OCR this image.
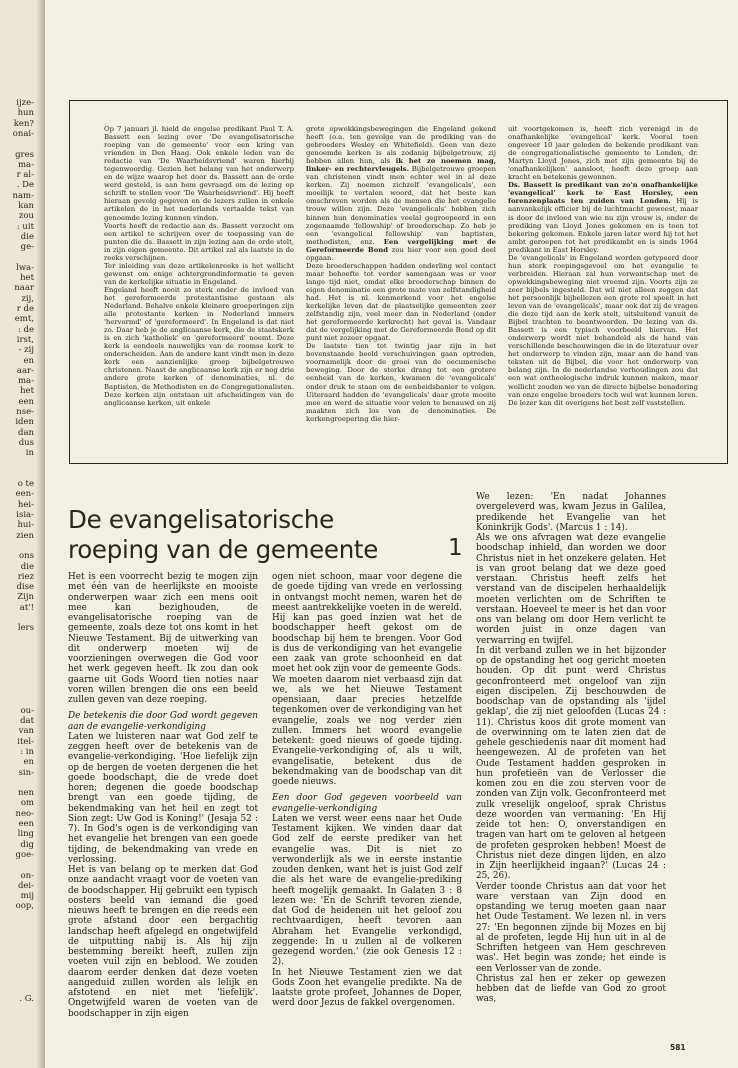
ijze-
hun
ken?
onai-
gres
ma-
r al-
. De
nam-
kan
zou
: uit
die
ge-
lwa-
het
naar
zij,
r de
emt,
: de
irst,
- zij
en
aar-
ma-
het
een
nse-
iden
dan
dus
in
o te
een-
hei-
isia-
hui-
zien
ons
die
riez
dise
Zijn
at'!
lers
ou-
dat
van
itel-
: in
en
sin-
nen
om
neo-
een
ling
dig
goe-
on-
dei-
mij
oop,
. G.

Op 7 januari jl. hield de engelse predikant Paul T. A. Bassett een lezing over 'De evangelisatorische roeping van de gemeente' voor een kring van vrienden in Den Haag. Ook enkele leden van de redactie van 'De Waarheidsvriend' waren hierbij tegenwoordig. Gezien het belang van het onderwerp en de wijze waarop het door ds. Bassett aan de orde werd gesteld, is aan hem gevraagd om de lezing op schrift te stellen voor 'De Waarheidsvriend'. Hij heeft hieraan gevolg gegeven en de lezers zullen in enkele artikelen de in het nederlands vertaalde tekst van genoemde lezing kunnen vinden.

Voorts heeft de redactie aan ds. Bassett verzocht om een artikel te schrijven over de toepassing van de punten die ds. Bassett in zijn lezing aan de orde stelt, in zijn eigen gemeente. Dit artikel zal als laatste in de reeks verschijnen.

Ter inleiding van deze artikelenreeks is het wellicht gewenst om enige achtergrondinformatie te geven van de kerkelijke situatie in Engeland.

Engeland heeft nooit zo sterk onder de invloed van het gereformeerde protestantisme gestaan als Nederland. Behalve enkele kleinere groeperingen zijn alle protestante kerken in Nederland immers 'hervormd' of 'gereformeerd'. In Engeland is dat niet zo. Daar heb je de anglicaanse kerk, die de staatskerk is en zich 'katholiek' en 'gereformeerd' noemt. Deze kerk is eendeels nauwelijks van de roomse kerk te onderscheiden. Aan de andere kant vindt men in deze kerk een aanzienlijke groep bijbelgetrouwe christenen. Naast de anglicaanse kerk zijn er nog drie andere grote kerken of denominaties, nl. de Baptisten, de Methodisten en de Congregationalisten. Deze kerken zijn ontstaan uit afscheidingen van de anglicaanse kerken, uit enkele

grote opwekkingsbewegingen die Engeland gekend heeft (o.a. ten gevolge van de prediking van de gebroeders Wesley en Whitefield). Geen van deze genoemde kerken is als zodanig bijbelgetrouw, zij hebben allen hun, als ik het zo noemen mag, linker- en rechtervleugels. Bijbelgetrouwe groepen van christenen vindt men echter wel in al deze kerken. Zij noemen zichzelf 'evangelicals', een moeilijk te vertalen woord, dat het beste kan omschreven worden als de mensen die het evangelie trouw willen zijn. Deze 'evangelicals' hebben zich binnen hun denominaties veelal gegroepeerd in een zogenaamde 'fellowship' of broederschap. Zo heb je een 'evangelical fellowship' van baptisten, methodisten, enz. Een vergelijking met de Gereformeerde Bond zou hier voor een goed deel opgaan.

Deze broederschappen hadden onderling wel contact maar behoefte tot verder samengaan was er voor lange tijd niet, omdat elke broederschap binnen de eigen denominatie een grote mate van zelfstandigheid had. Het is nl. kenmerkend voor het engelse kerkelijke leven dat de plaatselijke gemeenten zeer zelfstandig zijn, veel meer dan in Nederland (onder het gereformeerde kerkrecht) het geval is. Vandaar dat de vergelijking met de Gereformeerde Bond op dit punt niet zozeer opgaat.

De laatste tien tot twintig jaar zijn in het bovenstaande beeld verschuivingen gaan optreden, voornamelijk door de groei van de oecumenische beweging. Door de sterke drang tot een grotere eenheid van de kerken, kwamen de 'evangelicals' onder druk te staan om de eenheidsbanier te volgen. Uiteraard hadden de 'evangelicals' daar grote moeite mee en werd de situatie voor velen te benauwd en zij maakten zich los van de denominaties. De kerkengroepering die hier-

uit voortgekomen is, heeft zich verenigd in de onafhankelijke 'evangelical' kerk. Vooral toen ongeveer 10 jaar geleden de bekende predikant van de congregationalistische gemeente te Londen, dr. Martyn Lloyd Jones, zich met zijn gemeente bij de 'onafhankelijken' aansloot, heeft deze groep aan kracht en betekenis gewonnen.

Ds. Bassett is predikant van zo'n onafhankelijke 'evangelical' kerk te East Horsley, een forenzenplaats ten zuiden van Londen. Hij is aanvankelijk officier bij de luchtmacht geweest, maar is door de invloed van wie nu zijn vrouw is, onder de prediking van Lloyd Jones gekomen en is toen tot bekering gekomen. Enkele jaren later werd hij tot het ambt geroepen tot het predikambt en is sinds 1964 predikant in East Horsley.

De 'evangelicals' in Engeland worden getypeerd door hun sterk roepingsgevoel om het evangelie te verbreiden. Hieraan zal hun verwantschap met de opwekkingsbeweging niet vreemd zijn. Voorts zijn ze zeer bijbels ingesteld. Dat wil niet alleen zeggen dat het persoonlijk bijbellezen een grote rol speelt in het leven van de 'evangelicals', maar ook dat zij de vragen die deze tijd aan de kerk stelt, uitsluitend vanuit de Bijbel trachten te beantwoorden. De lezing van ds. Bassett is een typisch voorbeeld hiervan. Het onderwerp wordt niet behandeld als de hand van verschillende beschouwingen die in de literatuur over het onderwerp te vinden zijn, maar aan de hand van teksten uit de Bijbel, die voor het onderwerp van belang zijn. In de nederlandse verhoudingen zou dat een wat ontheologische indruk kunnen maken, maar wellicht zouden we van de directe bijbelse benadering van onze engelse broeders toch wel wat kunnen leren. De lezer kan dit overigens het best zelf vaststellen.

De evangelisatorische
roeping van de gemeente	1

Het is een voorrecht bezig te mogen zijn met één van de heerlijkste en mooiste onderwerpen waar zich een mens ooit mee kan bezighouden, de evangelisatorische roeping van de gemeente, zoals deze tot ons komt in het Nieuwe Testament. Bij de uitwerking van dit onderwerp moeten wij de voorzieningen overwegen die God voor het werk gegeven heeft. Ik zou dan ook gaarne uit Gods Woord tien noties naar voren willen brengen die ons een beeld zullen geven van deze roeping.

De betekenis die door God wordt gegeven aan de evangelie-verkondiging

Laten we luisteren naar wat God zelf te zeggen heeft over de betekenis van de evangelie-verkondiging. 'Hoe liefelijk zijn op de bergen de voeten dergenen die het goede boodschapt, die de vrede doet horen; degenen die goede boodschap brengt van een goede tijding, de bekendmaking van het heil en zegt tot Sion zegt: Uw God is Koning!' (Jesaja 52 : 7). In God's ogen is de verkondiging van het evangelie het brengen van een goede tijding, de bekendmaking van vrede en verlossing.

Het is van belang op te merken dat God onze aandacht vraagt voor de voeten van de boodschapper. Hij gebruikt een typisch oosters beeld van iemand die goed nieuws heeft te brengen en die reeds een grote afstand door een bergachtig landschap heeft afgelegd en ongetwijfeld de uitputting nabij is. Als hij zijn bestemming bereikt heeft, zullen zijn voeten vuil zijn en beblood. We zouden daarom eerder denken dat deze voeten aangeduid zullen worden als lelijk en afstotend en niet met 'liefelijk'. Ongetwijfeld waren de voeten van de boodschapper in zijn eigen

ogen niet schoon, maar voor degene die de goede tijding van vrede en verlossing in ontvangst mocht nemen, waren het de meest aantrekkelijke voeten in de wereld. Hij kan pas goed inzien wat het de boodschapper heeft gekost om de boodschap bij hem te brengen. Voor God is dus de verkondiging van het evangelie een zaak van grote schoonheid en dat moet het ook zijn voor de gemeente Gods.

We moeten daarom niet verbaasd zijn dat we, als we het Nieuwe Testament opensiaan, daar precies hetzelfde tegenkomen over de verkondiging van het evangelie, zoals we nog verder zien zullen. Immers het woord evangelie betekent: goed nieuws of goede tijding. Evangelie-verkondiging of, als u wilt, evangelisatie, betekent dus de bekendmaking van de boodschap van dit goede nieuws.

Een door God gegeven voorbeeld van evangelie-verkondiging

Laten we verst weer eens naar het Oude Testament kijken. We vinden daar dat God zelf de eerste prediker van het evangelie was. Dit is niet zo verwonderlijk als we in eerste instantie zouden denken, want het is juist God zelf die als het ware de evangelie-prediking heeft mogelijk gemaakt. In Galaten 3 : 8 lezen we: 'En de Schrift tevoren ziende, dat God de heidenen uit het geloof zou rechtvaardigen, heeft tevoren aan Abraham het Evangelie verkondigd, zeggende: In u zullen al de volkeren gezegend worden.' (zie ook Genesis 12 : 2).

In het Nieuwe Testament zien we dat Gods Zoon het evangelie predikte. Na de laatste grote profeet, Johannes de Doper, werd door Jezus de fakkel overgenomen.

We lezen: 'En nadat Johannes overgeleverd was, kwam Jezus in Galilea, predikende het Evangelie van het Koninkrijk Gods'. (Marcus 1 : 14).

Als we ons afvragen wat deze evangelie boodschap inhield, dan worden we door Christus niet in het onzekere gelaten. Het is van groot belang dat we deze goed verstaan. Christus heeft zelfs het verstand van de discipelen herhaaldelijk moeten verlichten om de Schriften te verstaan. Hoeveel te meer is het dan voor ons van belang om door Hem verlicht te worden juist in onze dagen van verwarring en twijfel.

In dit verband zullen we in het bijzonder op de opstanding het oog gericht moeten houden. Op dit punt werd Christus geconfronteerd met ongeloof van zijn eigen discipelen. Zij beschouwden de boodschap van de opstanding als 'ijdel geklap', die zij niet geloofden (Lucas 24 : 11). Christus koos dit grote moment van de overwinning om te laten zien dat de gehele geschiedenis naar dit moment had heengewezen. Al de profeten van het Oude Testament hadden gesproken in hun profetieën van de Verlosser die komen zou en die zou sterven voor de zonden van Zijn volk. Geconfronteerd met zulk vreselijk ongeloof, sprak Christus deze woorden van vermaning: 'En Hij zeide tot hen: O, onverstandigen en tragen van hart om te geloven al hetgeen de profeten gesproken hebben! Moest de Christus niet deze dingen lijden, en alzo in Zijn heerlijkheid ingaan?' (Lucas 24 : 25, 26).

Verder toonde Christus aan dat voor het ware verstaan van Zijn dood en opstanding we terug moeten gaan naar het Oude Testament. We lezen nl. in vers 27: 'En begonnen zijnde bij Mozes en bij al de profeten, legde Hij hun uit in al de Schriften hetgeen van Hem geschreven was'. Het begin was zonde; het einde is een Verlosser van de zonde.

Christus zal hen er zeker op gewezen hebben dat de liefde van God zo groot was,

581
